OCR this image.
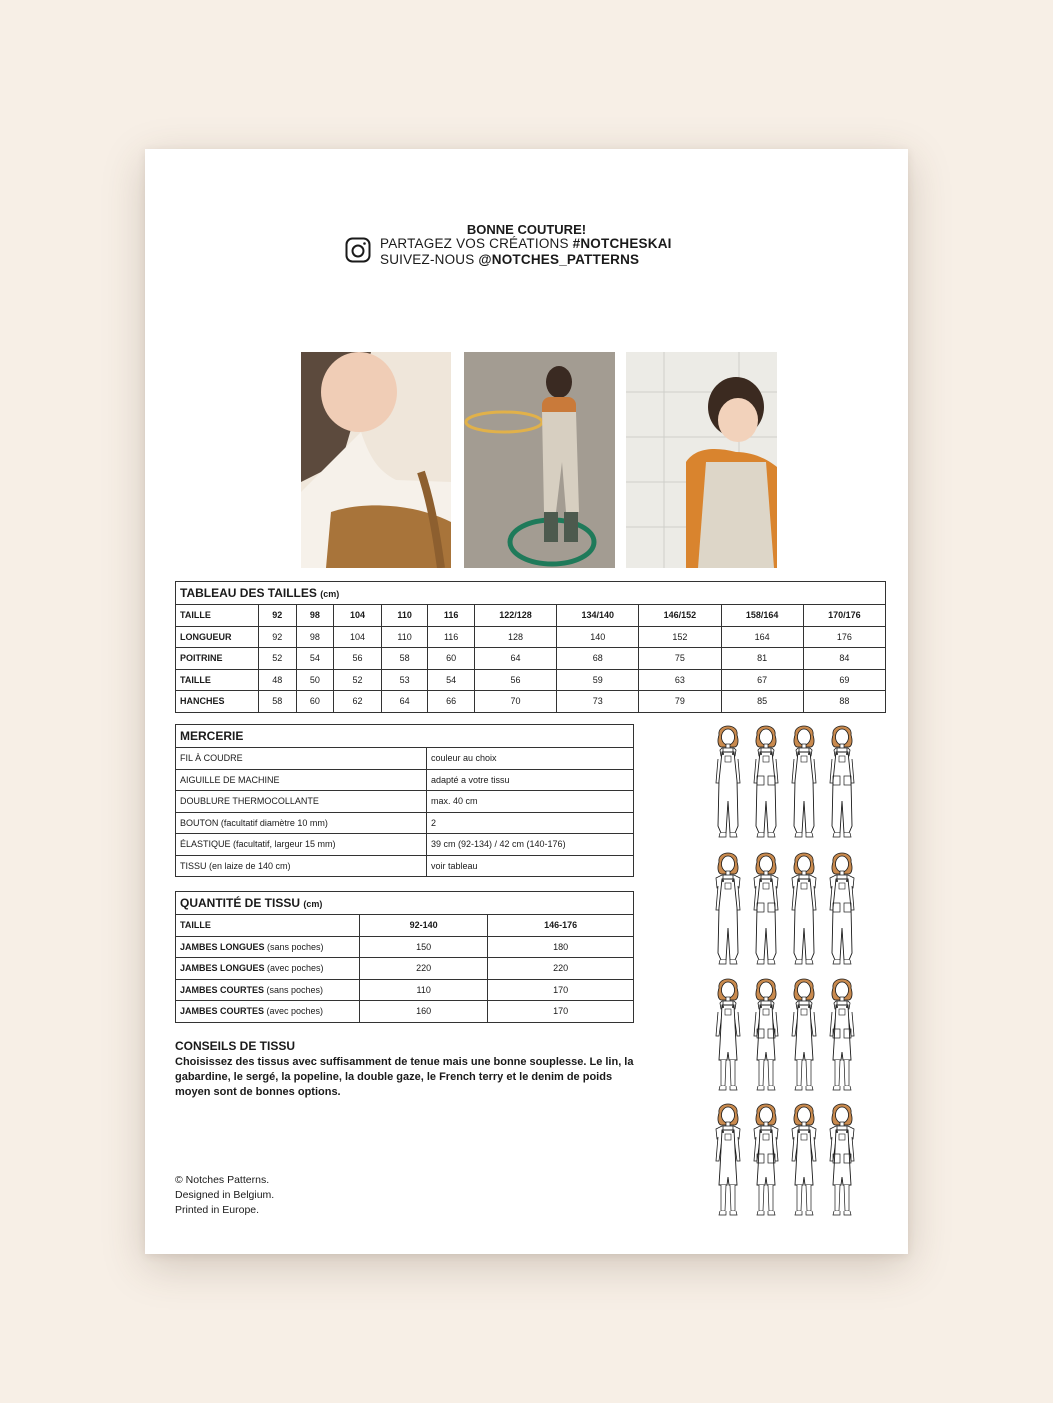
BONNE COUTURE!
PARTAGEZ VOS CRÉATIONS #NOTCHESKAI
SUIVEZ-NOUS @NOTCHES_PATTERNS
TABLEAU DES TAILLES (cm)										
TAILLE	92	98	104	110	116	122/128	134/140	146/152	158/164	170/176
LONGUEUR	92	98	104	110	116	128	140	152	164	176
POITRINE	52	54	56	58	60	64	68	75	81	84
TAILLE	48	50	52	53	54	56	59	63	67	69
HANCHES	58	60	62	64	66	70	73	79	85	88
MERCERIE	
FIL À COUDRE	couleur au choix
AIGUILLE DE MACHINE	adapté a votre tissu
DOUBLURE THERMOCOLLANTE	max. 40 cm
BOUTON (facultatif diamètre 10 mm)	2
ÉLASTIQUE (facultatif, largeur 15 mm)	39 cm (92-134) / 42 cm (140-176)
TISSU (en laize de 140 cm)	voir tableau
QUANTITÉ DE TISSU (cm)		
TAILLE	92-140	146-176
JAMBES LONGUES (sans poches)	150	180
JAMBES LONGUES (avec poches)	220	220
JAMBES COURTES (sans poches)	110	170
JAMBES COURTES (avec poches)	160	170
CONSEILS DE TISSU

Choisissez des tissus avec suffisamment de tenue mais une bonne souplesse. Le lin, la gabardine, le sergé, la popeline, la double gaze, le French terry et le denim de poids moyen sont de bonnes options.

© Notches Patterns.
Designed in Belgium.
Printed in Europe.
